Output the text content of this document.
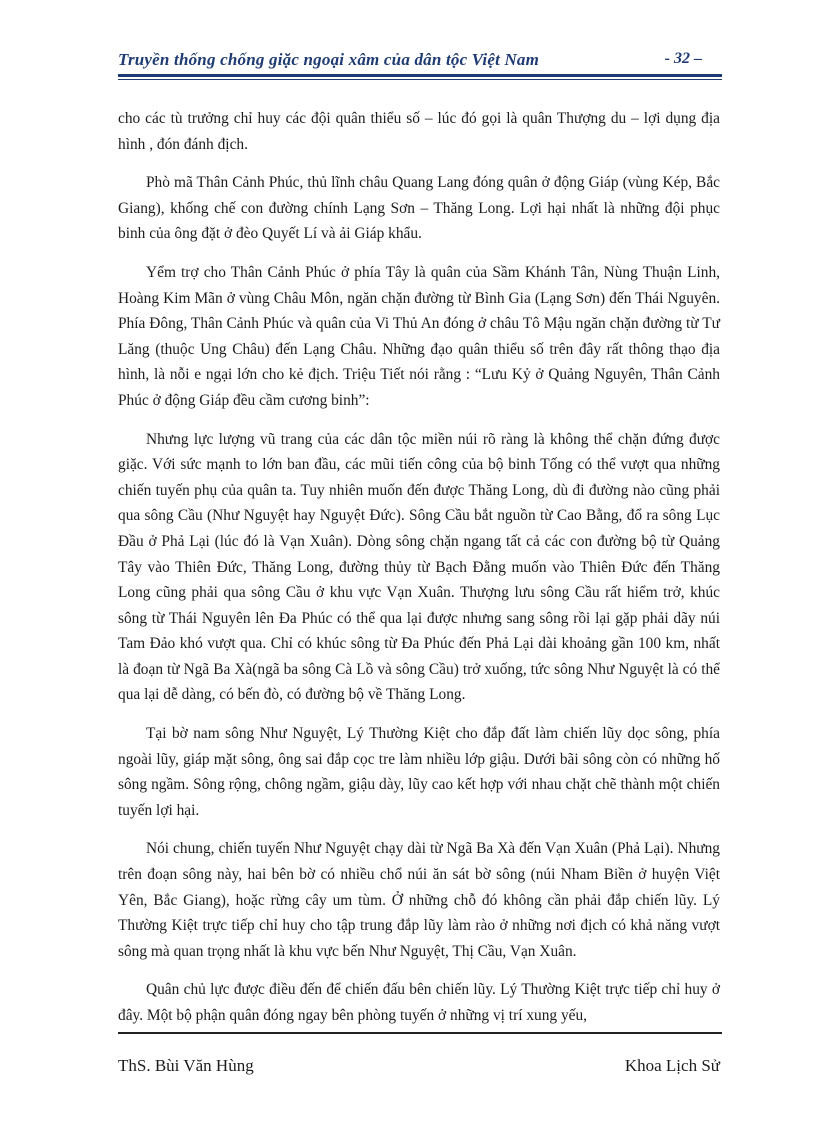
Truyền thống chống giặc ngoại xâm của dân tộc Việt Nam	- 32 –

cho các tù trưởng chỉ huy các đội quân thiểu số – lúc đó gọi là quân Thượng du – lợi dụng địa hình , đón đánh địch.

Phò mã Thân Cảnh Phúc, thủ lĩnh châu Quang Lang đóng quân ở động Giáp (vùng Kép, Bắc Giang), khống chế con đường chính Lạng Sơn – Thăng Long. Lợi hại nhất là những đội phục binh của ông đặt ở đèo Quyết Lí và ải Giáp khẩu.

Yểm trợ cho Thân Cảnh Phúc ở phía Tây là quân của Sầm Khánh Tân, Nùng Thuận Linh, Hoàng Kim Mãn ở vùng Châu Môn, ngăn chặn đường từ Bình Gia (Lạng Sơn) đến Thái Nguyên. Phía Đông, Thân Cảnh Phúc và quân của Vi Thủ An đóng ở châu Tô Mậu ngăn chặn đường từ Tư Lăng (thuộc Ung Châu) đến Lạng Châu. Những đạo quân thiểu số trên đây rất thông thạo địa hình, là nỗi e ngại lớn cho kẻ địch. Triệu Tiết nói rằng : “Lưu Kỷ ở Quảng Nguyên, Thân Cảnh Phúc ở động Giáp đều cầm cương binh”:

Nhưng lực lượng vũ trang của các dân tộc miền núi rõ ràng là không thể chặn đứng được giặc. Với sức mạnh to lớn ban đầu, các mũi tiến công của bộ binh Tống có thể vượt qua những chiến tuyến phụ của quân ta. Tuy nhiên muốn đến được Thăng Long, dù đi đường nào cũng phải qua sông Cầu (Như Nguyệt hay Nguyệt Đức). Sông Cầu bắt nguồn từ Cao Bằng, đổ ra sông Lục Đầu ở Phả Lại (lúc đó là Vạn Xuân). Dòng sông chặn ngang tất cả các con đường bộ từ Quảng Tây vào Thiên Đức, Thăng Long, đường thủy từ Bạch Đằng muốn vào Thiên Đức đến Thăng Long cũng phải qua sông Cầu ở khu vực Vạn Xuân. Thượng lưu sông Cầu rất hiểm trở, khúc sông từ Thái Nguyên lên Đa Phúc có thể qua lại được nhưng sang sông rồi lại gặp phải dãy núi Tam Đảo khó vượt qua. Chỉ có khúc sông từ Đa Phúc đến Phả Lại dài khoảng gần 100 km, nhất là đoạn từ Ngã Ba Xà(ngã ba sông Cà Lồ và sông Cầu) trở xuống, tức sông Như Nguyệt là có thể qua lại dễ dàng, có bến đò, có đường bộ về Thăng Long.

Tại bờ nam sông Như Nguyệt, Lý Thường Kiệt cho đắp đất làm chiến lũy dọc sông, phía ngoài lũy, giáp mặt sông, ông sai đắp cọc tre làm nhiều lớp giậu. Dưới bãi sông còn có những hố sông ngầm. Sông rộng, chông ngầm, giậu dày, lũy cao kết hợp với nhau chặt chẽ thành một chiến tuyến lợi hại.

Nói chung, chiến tuyến Như Nguyệt chạy dài từ Ngã Ba Xà đến Vạn Xuân (Phả Lại). Nhưng trên đoạn sông này, hai bên bờ có nhiều chổ núi ăn sát bờ sông (núi Nham Biền ở huyện Việt Yên, Bắc Giang), hoặc rừng cây um tùm. Ở những chỗ đó không cần phải đắp chiến lũy. Lý Thường Kiệt trực tiếp chỉ huy cho tập trung đắp lũy làm rào ở những nơi địch có khả năng vượt sông mà quan trọng nhất là khu vực bến Như Nguyệt, Thị Cầu, Vạn Xuân.

Quân chủ lực được điều đến để chiến đấu bên chiến lũy. Lý Thường Kiệt trực tiếp chỉ huy ở đây. Một bộ phận quân đóng ngay bên phòng tuyến ở những vị trí xung yếu,

ThS. Bùi Văn Hùng	Khoa Lịch Sử
